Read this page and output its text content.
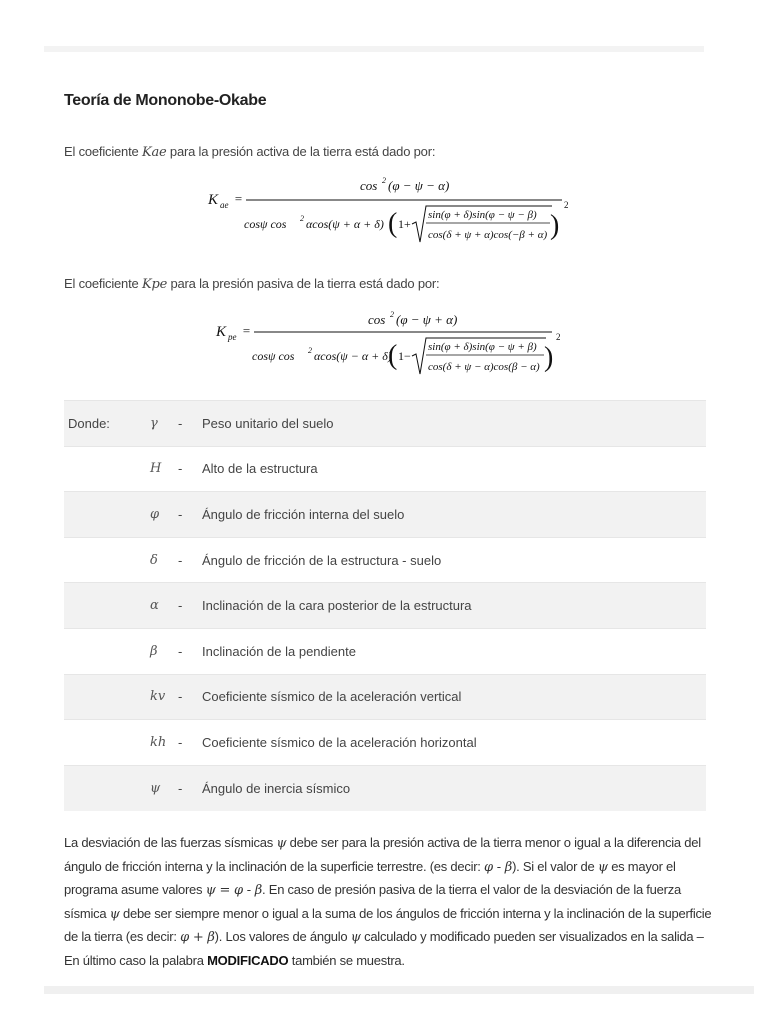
Teoría de Mononobe-Okabe
El coeficiente Kae para la presión activa de la tierra está dado por:
K ae =
cos 2 (φ − ψ − α)
cosψ cos 2 αcos(ψ + α + δ) ( 1+
sin(φ + δ)sin(φ − ψ − β)
cos(δ + ψ + α)cos(−β + α) )
2
El coeficiente Kpe para la presión pasiva de la tierra está dado por:
K pe =
cos 2 (φ − ψ + α)
cosψ cos 2 αcos(ψ − α + δ)
( 1−
sin(φ + δ)sin(φ − ψ + β)
cos(δ + ψ − α)cos(β − α) )
2
Donde:	γ	-	Peso unitario del suelo
	H	-	Alto de la estructura
	φ	-	Ángulo de fricción interna del suelo
	δ	-	Ángulo de fricción de la estructura - suelo
	α	-	Inclinación de la cara posterior de la estructura
	β	-	Inclinación de la pendiente
	kv	-	Coeficiente sísmico de la aceleración vertical
	kh	-	Coeficiente sísmico de la aceleración horizontal
	ψ	-	Ángulo de inercia sísmico
La desviación de las fuerzas sísmicas ψ debe ser para la presión activa de la tierra menor o igual a la diferencia del ángulo de fricción interna y la inclinación de la superficie terrestre. (es decir: φ - β). Si el valor de ψ es mayor el programa asume valores ψ = φ - β. En caso de presión pasiva de la tierra el valor de la desviación de la fuerza sísmica ψ debe ser siempre menor o igual a la suma de los ángulos de fricción interna y la inclinación de la superficie de la tierra (es decir: φ + β). Los valores de ángulo ψ calculado y modificado pueden ser visualizados en la salida – En último caso la palabra MODIFICADO también se muestra.
